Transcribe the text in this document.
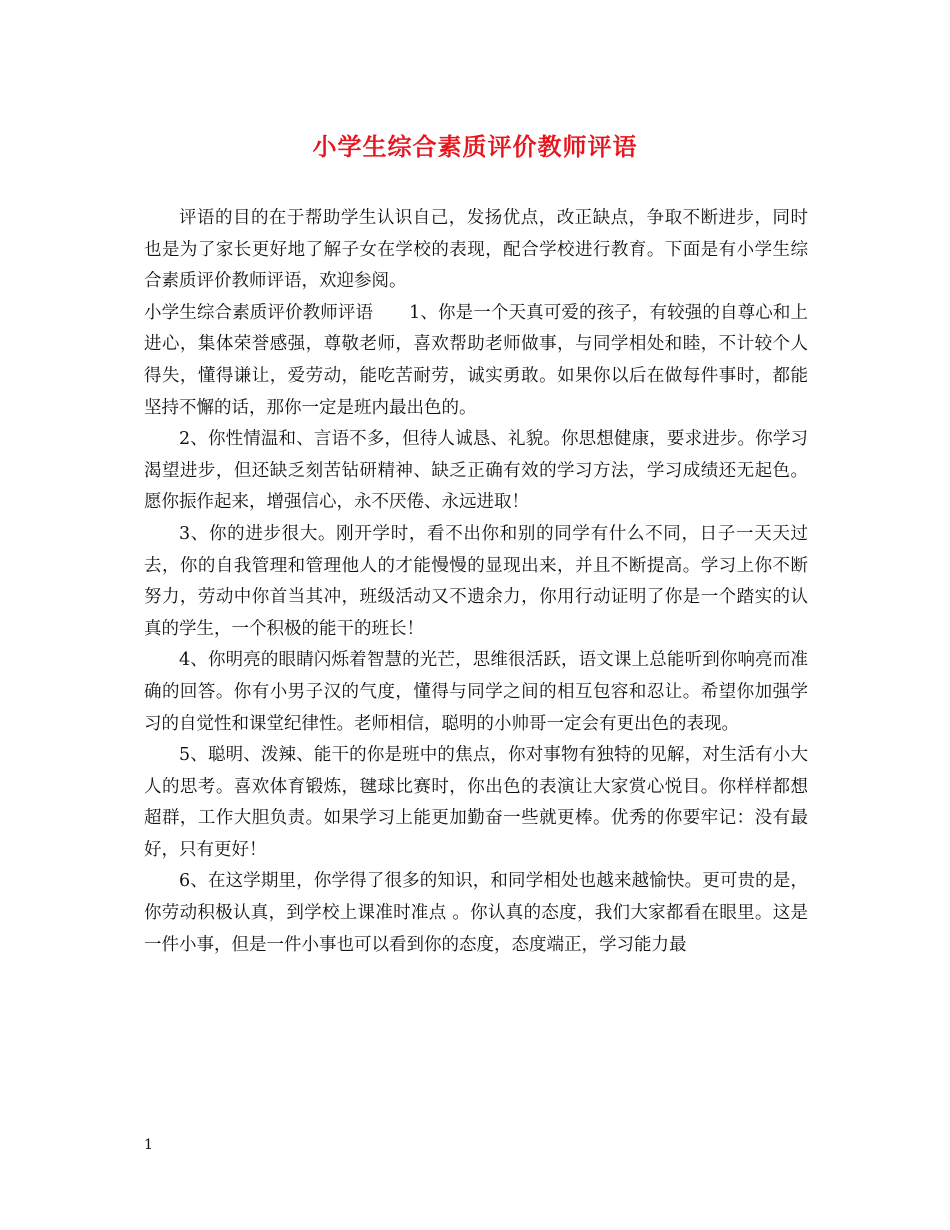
小学生综合素质评价教师评语

评语的目的在于帮助学生认识自己，发扬优点，改正缺点，争取不断进步，同时也是为了家长更好地了解子女在学校的表现，配合学校进行教育。下面是有小学生综合素质评价教师评语，欢迎参阅。

小学生综合素质评价教师评语 1、你是一个天真可爱的孩子，有较强的自尊心和上进心，集体荣誉感强，尊敬老师，喜欢帮助老师做事，与同学相处和睦，不计较个人得失，懂得谦让，爱劳动，能吃苦耐劳，诚实勇敢。如果你以后在做每件事时，都能坚持不懈的话，那你一定是班内最出色的。

2、你性情温和、言语不多，但待人诚恳、礼貌。你思想健康，要求进步。你学习渴望进步，但还缺乏刻苦钻研精神、缺乏正确有效的学习方法，学习成绩还无起色。愿你振作起来，增强信心，永不厌倦、永远进取！

3、你的进步很大。刚开学时，看不出你和别的同学有什么不同，日子一天天过去，你的自我管理和管理他人的才能慢慢的显现出来，并且不断提高。学习上你不断努力，劳动中你首当其冲，班级活动又不遗余力，你用行动证明了你是一个踏实的认真的学生，一个积极的能干的班长！

4、你明亮的眼睛闪烁着智慧的光芒，思维很活跃，语文课上总能听到你响亮而准确的回答。你有小男子汉的气度，懂得与同学之间的相互包容和忍让。希望你加强学习的自觉性和课堂纪律性。老师相信，聪明的小帅哥一定会有更出色的表现。

5、聪明、泼辣、能干的你是班中的焦点，你对事物有独特的见解，对生活有小大人的思考。喜欢体育锻炼，毽球比赛时，你出色的表演让大家赏心悦目。你样样都想超群，工作大胆负责。如果学习上能更加勤奋一些就更棒。优秀的你要牢记：没有最好，只有更好！

6、在这学期里，你学得了很多的知识，和同学相处也越来越愉快。更可贵的是，你劳动积极认真，到学校上课准时准点 。你认真的态度，我们大家都看在眼里。这是一件小事，但是一件小事也可以看到你的态度，态度端正，学习能力最

1
